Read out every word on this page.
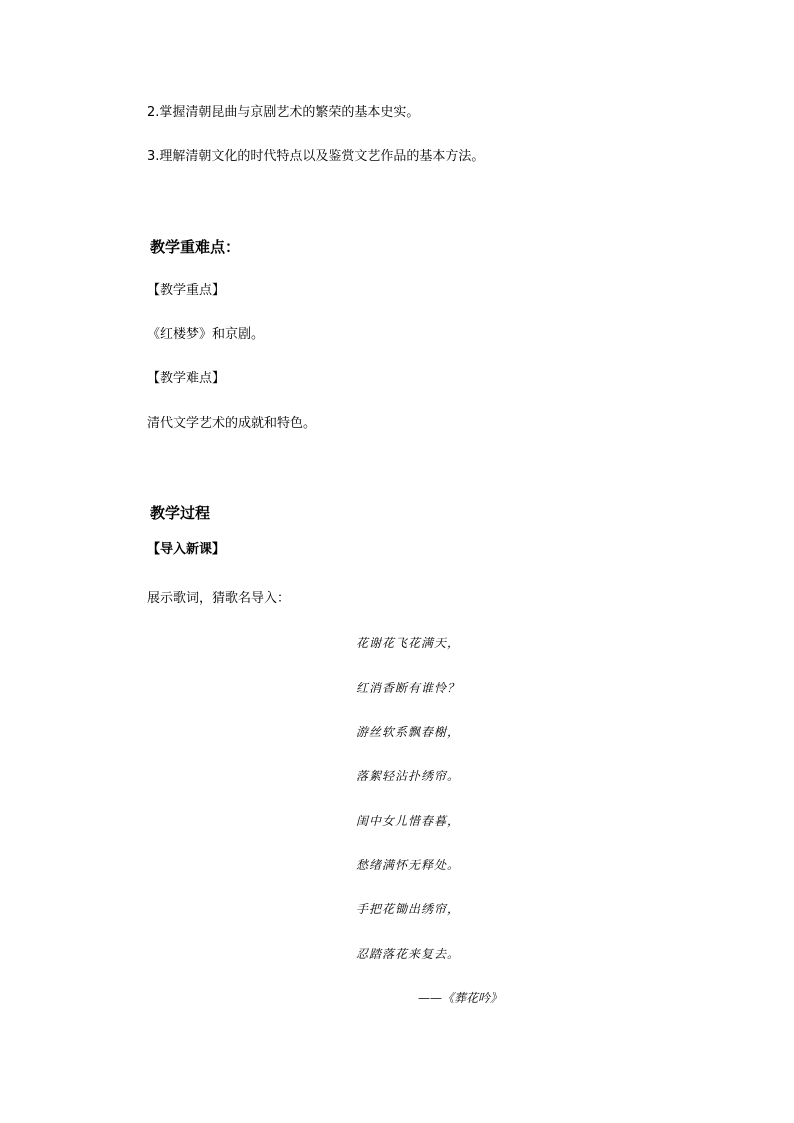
2.掌握清朝昆曲与京剧艺术的繁荣的基本史实。
3.理解清朝文化的时代特点以及鉴赏文艺作品的基本方法。
教学重难点：
【教学重点】
《红楼梦》和京剧。
【教学难点】
清代文学艺术的成就和特色。
教学过程
【导入新课】
展示歌词，猜歌名导入：
花谢花飞花满天，
红消香断有谁怜？
游丝软系飘春榭，
落絮轻沾扑绣帘。
闺中女儿惜春暮，
愁绪满怀无释处。
手把花锄出绣帘，
忍踏落花来复去。
——《葬花吟》
